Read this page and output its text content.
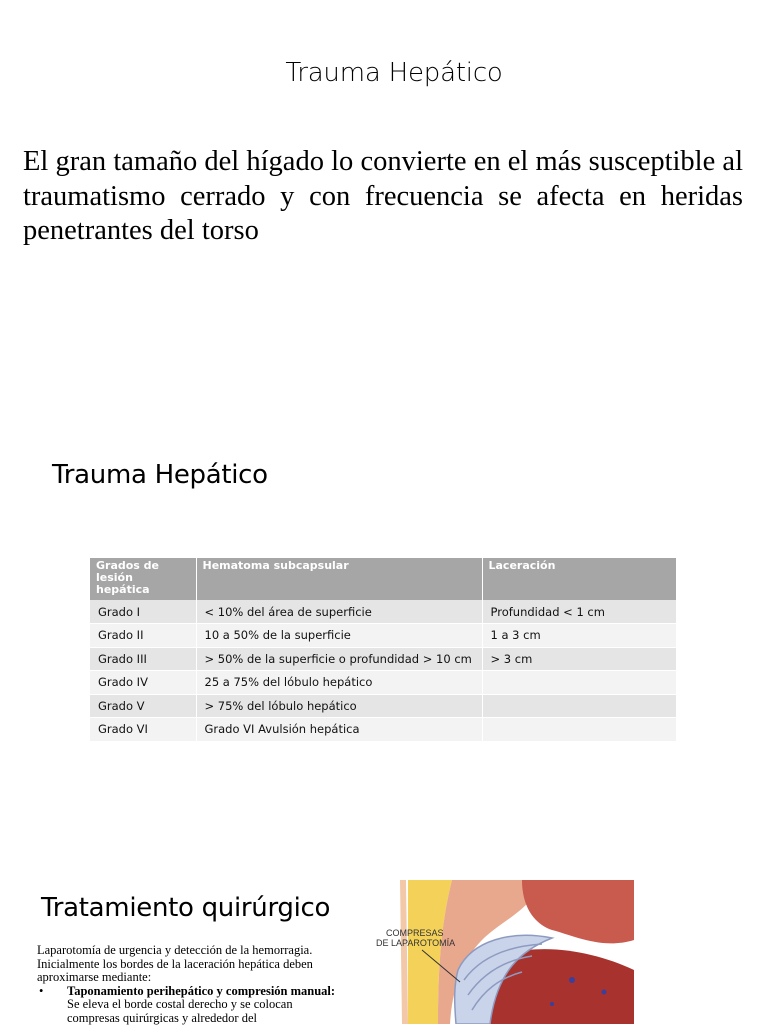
Trauma Hepático
El gran tamaño del hígado lo convierte en el más susceptible al traumatismo cerrado y con frecuencia se afecta en heridas penetrantes del torso
Trauma Hepático
Grados de lesión hepática	Hematoma subcapsular	Laceración
Grado I	< 10% del área de superficie	Profundidad < 1 cm
Grado II	10 a 50% de la superficie	1 a 3 cm
Grado III	> 50% de la superficie o profundidad > 10 cm	> 3 cm
Grado IV	25 a 75% del lóbulo hepático	
Grado V	> 75% del lóbulo hepático	
Grado VI	Grado VI Avulsión hepática	
Tratamiento quirúrgico
Laparotomía de urgencia y detección de la hemorragia. Inicialmente los bordes de la laceración hepática deben aproximarse mediante:
• Taponamiento perihepático y compresión manual: Se eleva el borde costal derecho y se colocan compresas quirúrgicas y alrededor del
COMPRESAS
DE LAPAROTOMÍA
